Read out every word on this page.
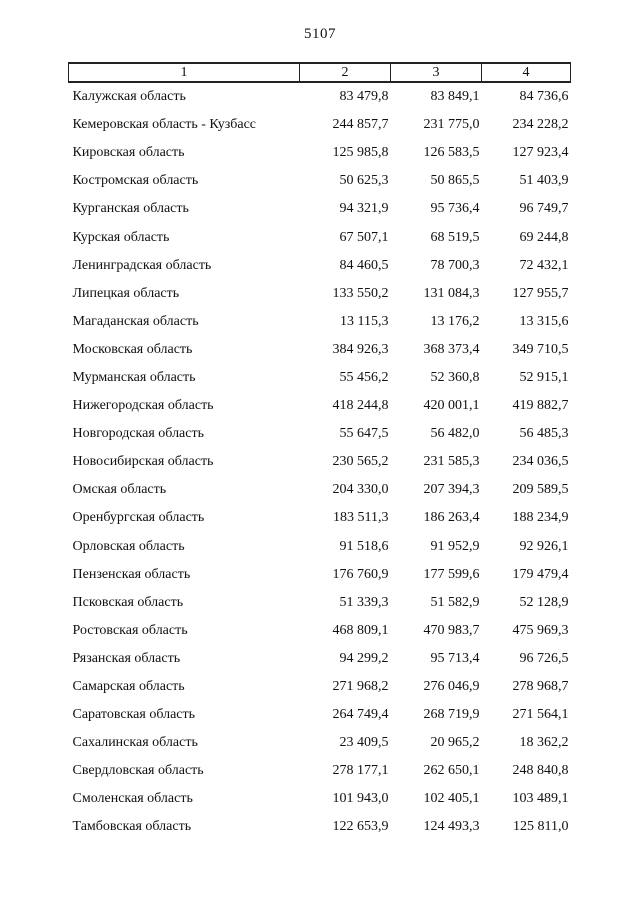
5107
1	2	3	4
Калужская область	83 479,8	83 849,1	84 736,6
Кемеровская область - Кузбасс	244 857,7	231 775,0	234 228,2
Кировская область	125 985,8	126 583,5	127 923,4
Костромская область	50 625,3	50 865,5	51 403,9
Курганская область	94 321,9	95 736,4	96 749,7
Курская область	67 507,1	68 519,5	69 244,8
Ленинградская область	84 460,5	78 700,3	72 432,1
Липецкая область	133 550,2	131 084,3	127 955,7
Магаданская область	13 115,3	13 176,2	13 315,6
Московская область	384 926,3	368 373,4	349 710,5
Мурманская область	55 456,2	52 360,8	52 915,1
Нижегородская область	418 244,8	420 001,1	419 882,7
Новгородская область	55 647,5	56 482,0	56 485,3
Новосибирская область	230 565,2	231 585,3	234 036,5
Омская область	204 330,0	207 394,3	209 589,5
Оренбургская область	183 511,3	186 263,4	188 234,9
Орловская область	91 518,6	91 952,9	92 926,1
Пензенская область	176 760,9	177 599,6	179 479,4
Псковская область	51 339,3	51 582,9	52 128,9
Ростовская область	468 809,1	470 983,7	475 969,3
Рязанская область	94 299,2	95 713,4	96 726,5
Самарская область	271 968,2	276 046,9	278 968,7
Саратовская область	264 749,4	268 719,9	271 564,1
Сахалинская область	23 409,5	20 965,2	18 362,2
Свердловская область	278 177,1	262 650,1	248 840,8
Смоленская область	101 943,0	102 405,1	103 489,1
Тамбовская область	122 653,9	124 493,3	125 811,0
